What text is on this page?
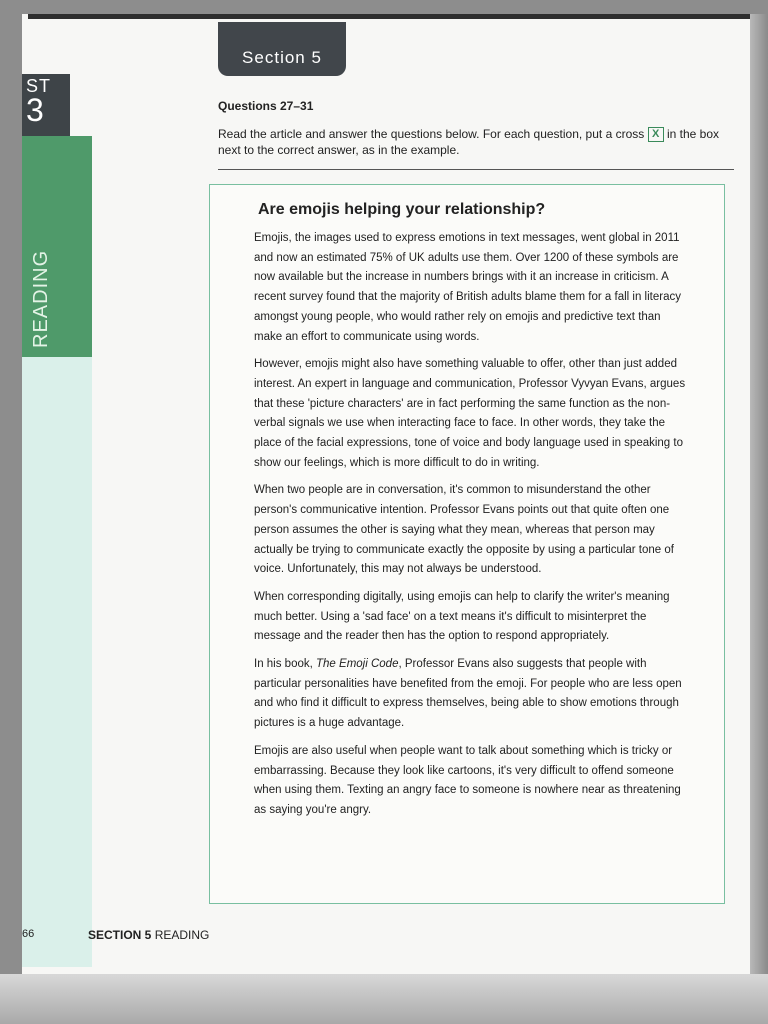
ST
3
READING
Section 5
Questions 27–31
Read the article and answer the questions below. For each question, put a cross X in the box next to the correct answer, as in the example.
Are emojis helping your relationship?

Emojis, the images used to express emotions in text messages, went global in 2011 and now an estimated 75% of UK adults use them. Over 1200 of these symbols are now available but the increase in numbers brings with it an increase in criticism. A recent survey found that the majority of British adults blame them for a fall in literacy amongst young people, who would rather rely on emojis and predictive text than make an effort to communicate using words.

However, emojis might also have something valuable to offer, other than just added interest. An expert in language and communication, Professor Vyvyan Evans, argues that these 'picture characters' are in fact performing the same function as the non-verbal signals we use when interacting face to face. In other words, they take the place of the facial expressions, tone of voice and body language used in speaking to show our feelings, which is more difficult to do in writing.

When two people are in conversation, it's common to misunderstand the other person's communicative intention. Professor Evans points out that quite often one person assumes the other is saying what they mean, whereas that person may actually be trying to communicate exactly the opposite by using a particular tone of voice. Unfortunately, this may not always be understood.

When corresponding digitally, using emojis can help to clarify the writer's meaning much better. Using a 'sad face' on a text means it's difficult to misinterpret the message and the reader then has the option to respond appropriately.

In his book, The Emoji Code, Professor Evans also suggests that people with particular personalities have benefited from the emoji. For people who are less open and who find it difficult to express themselves, being able to show emotions through pictures is a huge advantage.

Emojis are also useful when people want to talk about something which is tricky or embarrassing. Because they look like cartoons, it's very difficult to offend someone when using them. Texting an angry face to someone is nowhere near as threatening as saying you're angry.

66	SECTION 5 READING
